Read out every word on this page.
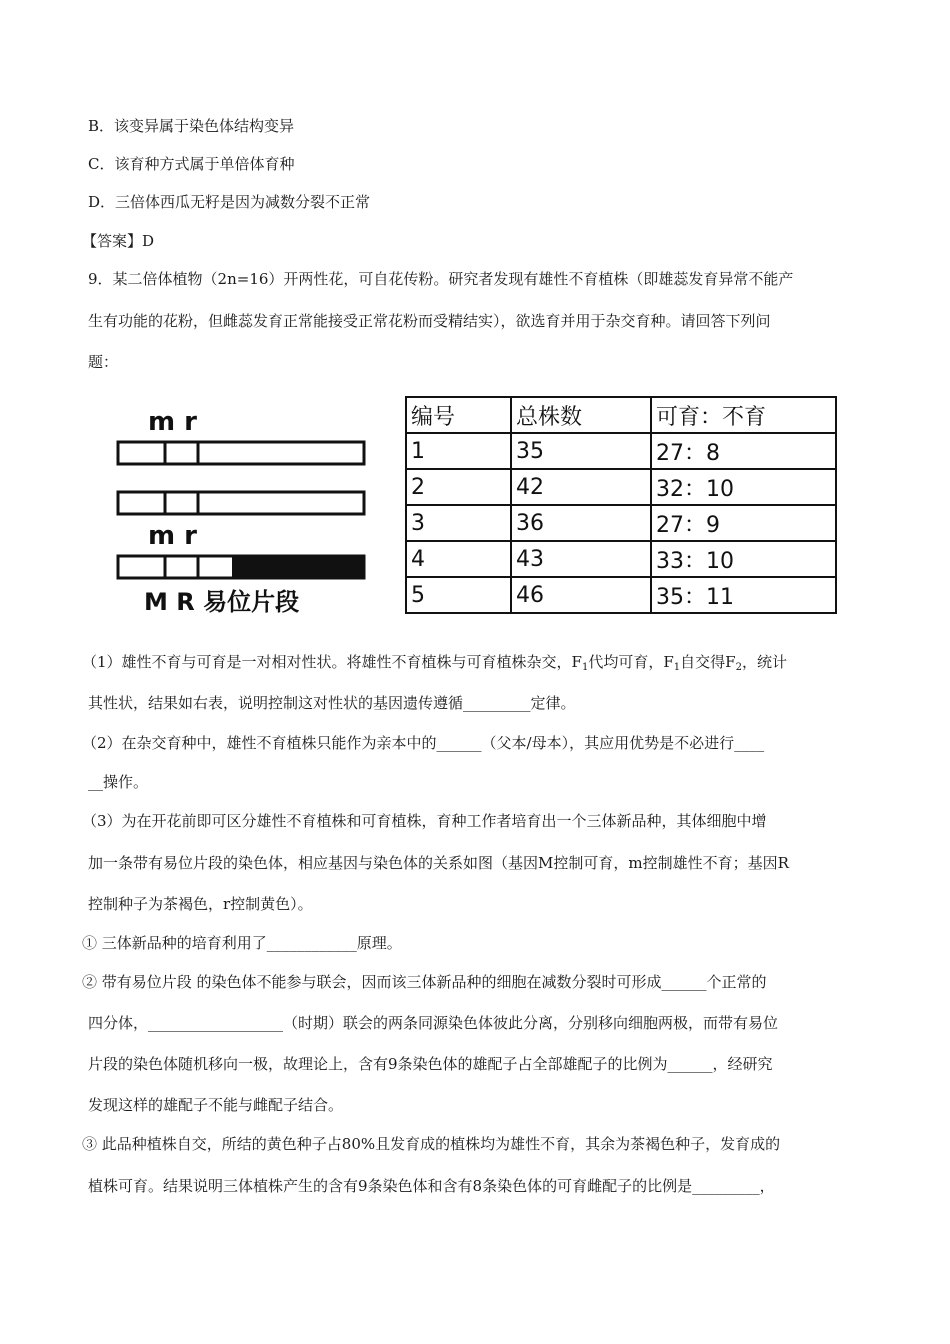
B．该变异属于染色体结构变异
C．该育种方式属于单倍体育种
D．三倍体西瓜无籽是因为减数分裂不正常
【答案】D
9．某二倍体植物（2n=16）开两性花，可自花传粉。研究者发现有雄性不育植株（即雄蕊发育异常不能产
生有功能的花粉，但雌蕊发育正常能接受正常花粉而受精结实），欲选育并用于杂交育种。请回答下列问
题：
m r
m r
M R 易位片段
编号	总株数	可育：不育
1	35	27：8
2	42	32：10
3	36	27：9
4	43	33：10
5	46	35：11
（1）雄性不育与可育是一对相对性状。将雄性不育植株与可育植株杂交，$F_1$代均可育，$F_1$自交得$F_2$，统计
其性状，结果如右表，说明控制这对性状的基因遗传遵循_________定律。
（2）在杂交育种中，雄性不育植株只能作为亲本中的______（父本/母本），其应用优势是不必进行____
__操作。
（3）为在开花前即可区分雄性不育植株和可育植株，育种工作者培育出一个三体新品种，其体细胞中增
加一条带有易位片段的染色体，相应基因与染色体的关系如图（基因M控制可育，m控制雄性不育；基因R
控制种子为茶褐色，r控制黄色）。
① 三体新品种的培育利用了____________原理。
② 带有易位片段 的染色体不能参与联会，因而该三体新品种的细胞在减数分裂时可形成______个正常的
四分体，__________________（时期）联会的两条同源染色体彼此分离，分别移向细胞两极，而带有易位
片段的染色体随机移向一极，故理论上，含有9条染色体的雄配子占全部雄配子的比例为______，经研究
发现这样的雄配子不能与雌配子结合。
③ 此品种植株自交，所结的黄色种子占80%且发育成的植株均为雄性不育，其余为茶褐色种子，发育成的
植株可育。结果说明三体植株产生的含有9条染色体和含有8条染色体的可育雌配子的比例是_________，
